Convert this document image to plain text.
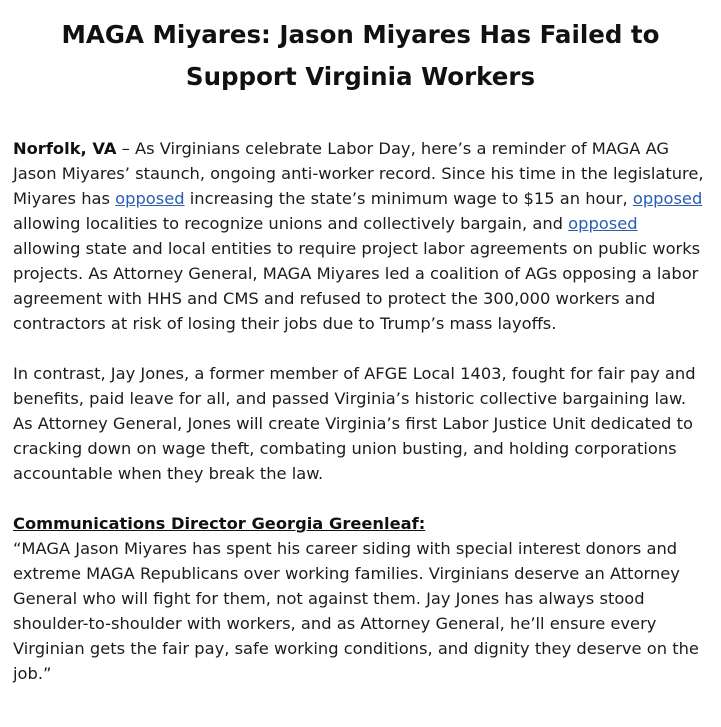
MAGA Miyares: Jason Miyares Has Failed to
Support Virginia Workers

Norfolk, VA – As Virginians celebrate Labor Day, here’s a reminder of MAGA AG Jason Miyares’ staunch, ongoing anti-worker record. Since his time in the legislature, Miyares has opposed increasing the state’s minimum wage to $15 an hour, opposed allowing localities to recognize unions and collectively bargain, and opposed allowing state and local entities to require project labor agreements on public works projects. As Attorney General, MAGA Miyares led a coalition of AGs opposing a labor agreement with HHS and CMS and refused to protect the 300,000 workers and contractors at risk of losing their jobs due to Trump’s mass layoffs.

In contrast, Jay Jones, a former member of AFGE Local 1403, fought for fair pay and benefits, paid leave for all, and passed Virginia’s historic collective bargaining law. As Attorney General, Jones will create Virginia’s first Labor Justice Unit dedicated to cracking down on wage theft, combating union busting, and holding corporations accountable when they break the law.

Communications Director Georgia Greenleaf:
“MAGA Jason Miyares has spent his career siding with special interest donors and extreme MAGA Republicans over working families. Virginians deserve an Attorney General who will fight for them, not against them. Jay Jones has always stood shoulder-to-shoulder with workers, and as Attorney General, he’ll ensure every Virginian gets the fair pay, safe working conditions, and dignity they deserve on the job.”
